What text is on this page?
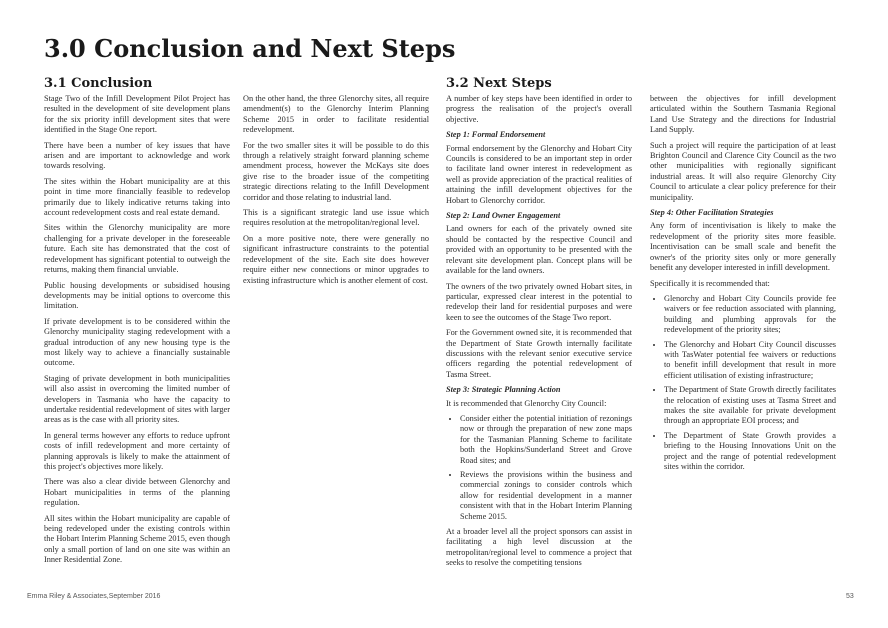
3.0 Conclusion and Next Steps
3.1 Conclusion	3.2 Next Steps

Stage Two of the Infill Development Pilot Project has resulted in the development of site development plans for the six priority infill development sites that were identified in the Stage One report.

There have been a number of key issues that have arisen and are important to acknowledge and work towards resolving.

The sites within the Hobart municipality are at this point in time more financially feasible to redevelop primarily due to likely indicative returns taking into account redevelopment costs and real estate demand.

Sites within the Glenorchy municipality are more challenging for a private developer in the foreseeable future. Each site has demonstrated that the cost of redevelopment has significant potential to outweigh the returns, making them financial unviable.

Public housing developments or subsidised housing developments may be initial options to overcome this limitation.

If private development is to be considered within the Glenorchy municipality staging redevelopment with a gradual introduction of any new housing type is the most likely way to achieve a financially sustainable outcome.

Staging of private development in both municipalities will also assist in overcoming the limited number of developers in Tasmania who have the capacity to undertake residential redevelopment of sites with larger areas as is the case with all priority sites.

In general terms however any efforts to reduce upfront costs of infill redevelopment and more certainty of planning approvals is likely to make the attainment of this project's objectives more likely.

There was also a clear divide between Glenorchy and Hobart municipalities in terms of the planning regulation.

All sites within the Hobart municipality are capable of being redeveloped under the existing controls within the Hobart Interim Planning Scheme 2015, even though only a small portion of land on one site was within an Inner Residential Zone.

On the other hand, the three Glenorchy sites, all require amendment(s) to the Glenorchy Interim Planning Scheme 2015 in order to facilitate residential redevelopment.

For the two smaller sites it will be possible to do this through a relatively straight forward planning scheme amendment process, however the McKays site does give rise to the broader issue of the competiting strategic directions relating to the Infill Development corridor and those relating to industrial land.

This is a significant strategic land use issue which requires resolution at the metropolitan/regional level.

On a more positive note, there were generally no significant infrastructure constraints to the potential redevelopment of the site. Each site does however require either new connections or minor upgrades to existing infrastructure which is another element of cost.

A number of key steps have been identified in order to progress the realisation of the project's overall objective.

Step 1: Formal Endorsement

Formal endorsement by the Glenorchy and Hobart City Councils is considered to be an important step in order to facilitate land owner interest in redevelopment as well as provide appreciation of the practical realities of attaining the infill development objectives for the Hobart to Glenorchy corridor.

Step 2: Land Owner Engagement

Land owners for each of the privately owned site should be contacted by the respective Council and provided with an opportunity to be presented with the relevant site development plan. Concept plans will be available for the land owners.

The owners of the two privately owned Hobart sites, in particular, expressed clear interest in the potential to redevelop their land for residential purposes and were keen to see the outcomes of the Stage Two report.

For the Government owned site, it is recommended that the Department of State Growth internally facilitate discussions with the relevant senior executive service officers regarding the potential redevelopment of Tasma Street.

Step 3: Strategic Planning Action

It is recommended that Glenorchy City Council:

• Consider either the potential initiation of rezonings now or through the preparation of new zone maps for the Tasmanian Planning Scheme to facilitate both the Hopkins/Sunderland Street and Grove Road sites; and
• Reviews the provisions within the business and commercial zonings to consider controls which allow for residential development in a manner consistent with that in the Hobart Interim Planning Scheme 2015.

At a broader level all the project sponsors can assist in facilitating a high level discussion at the metropolitan/regional level to commence a project that seeks to resolve the competiting tensions

between the objectives for infill development articulated within the Southern Tasmania Regional Land Use Strategy and the directions for Industrial Land Supply.

Such a project will require the participation of at least Brighton Council and Clarence City Council as the two other municipalities with regionally significant industrial areas. It will also require Glenorchy City Council to articulate a clear policy preference for their municipality.

Step 4: Other Facilitation Strategies

Any form of incentivisation is likely to make the redevelopment of the priority sites more feasible. Incentivisation can be small scale and benefit the owner's of the priority sites only or more generally benefit any developer interested in infill development.

Specifically it is recommended that:

• Glenorchy and Hobart City Councils provide fee waivers or fee reduction associated with planning, building and plumbing approvals for the redevelopment of the priority sites;
• The Glenorchy and Hobart City Council discusses with TasWater potential fee waivers or reductions to benefit infill development that result in more efficient utilisation of existing infrastructure;
• The Department of State Growth directly facilitates the relocation of existing uses at Tasma Street and makes the site available for private development through an appropriate EOI process; and
• The Department of State Growth provides a briefing to the Housing Innovations Unit on the project and the range of potential redevelopment sites within the corridor.
Emma Riley & Associates,September 2016	53
